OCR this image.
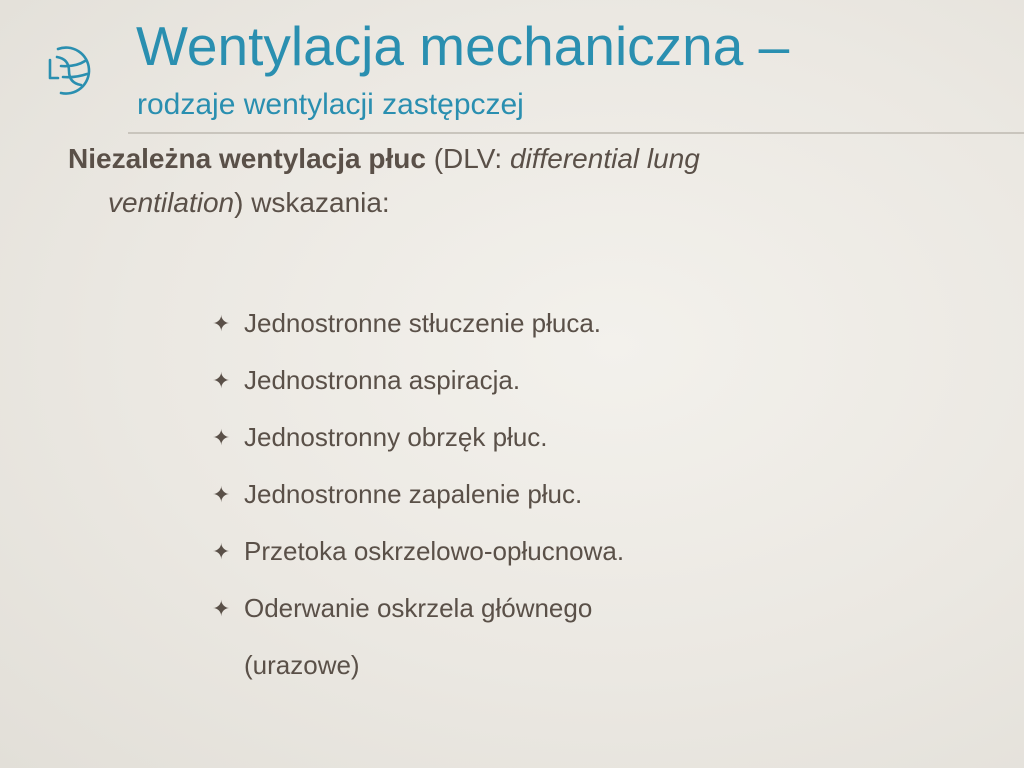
Wentylacja mechaniczna –
rodzaje wentylacji zastępczej
Niezależna wentylacja płuc (DLV: differential lung
ventilation) wskazania:
✦ Jednostronne stłuczenie płuca.
✦ Jednostronna aspiracja.
✦ Jednostronny obrzęk płuc.
✦ Jednostronne zapalenie płuc.
✦ Przetoka oskrzelowo-opłucnowa.
✦ Oderwanie oskrzela głównego
(urazowe)
